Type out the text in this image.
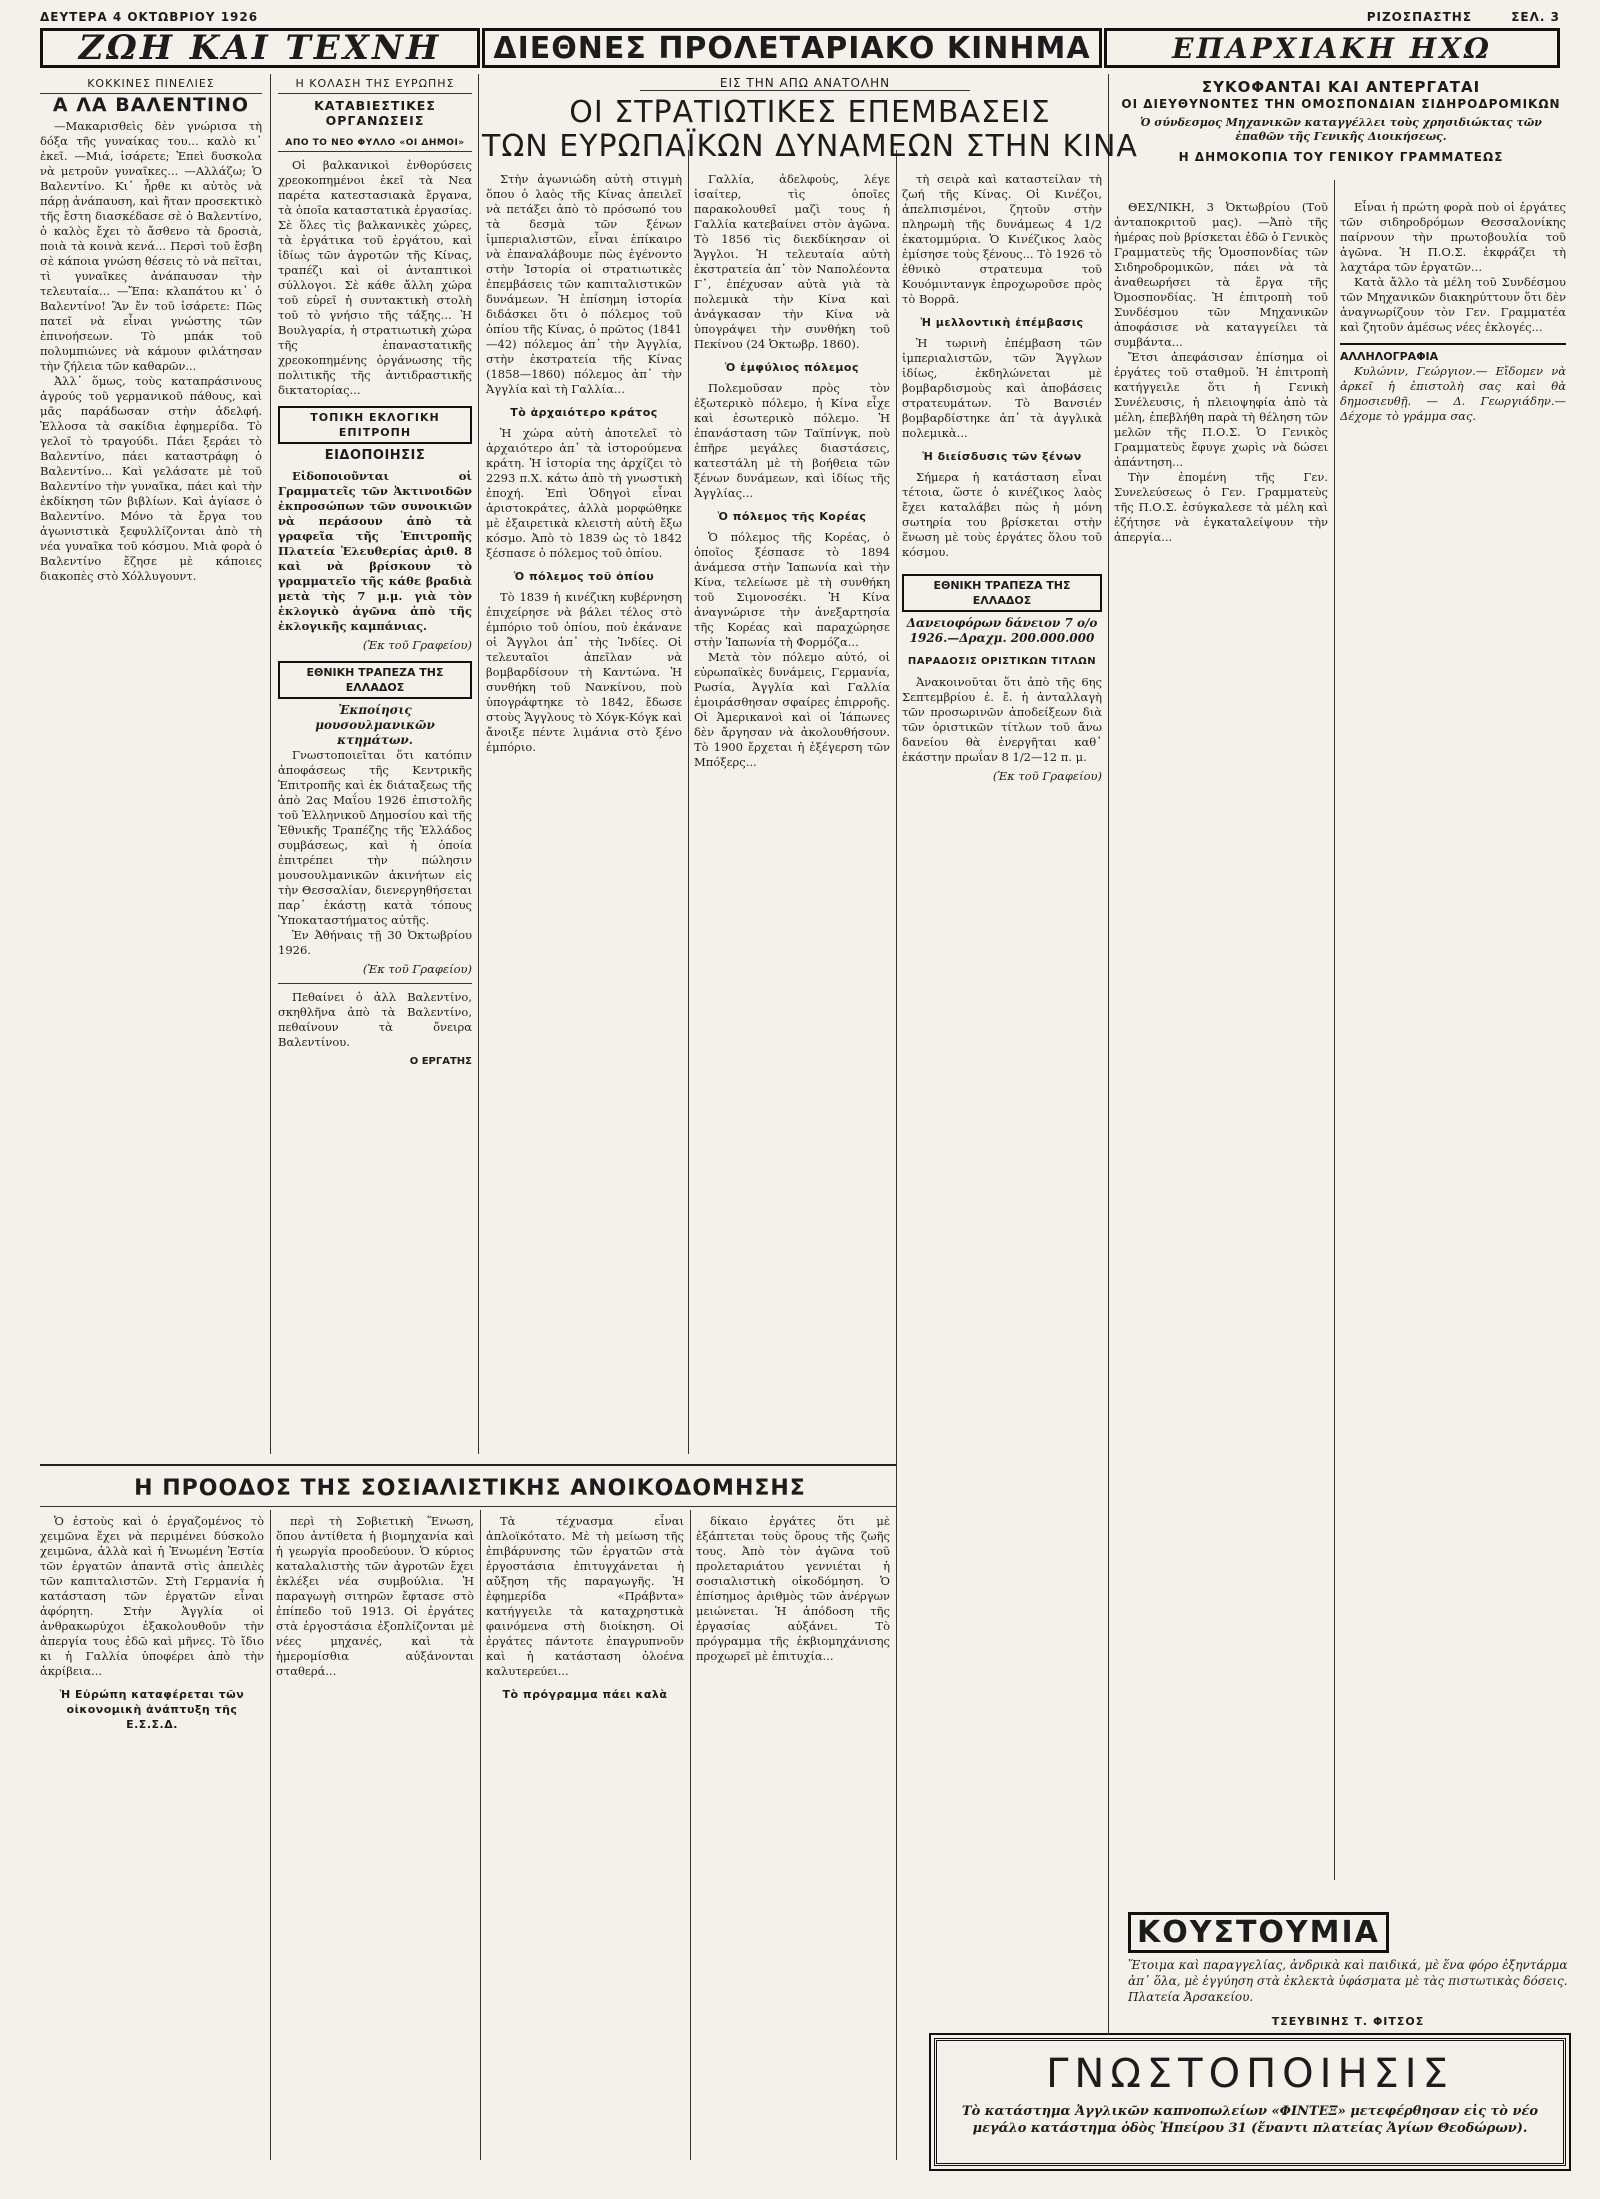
ΔΕΥΤΕΡΑ 4 ΟΚΤΩΒΡΙΟΥ 1926	ΡΙΖΟΣΠΑΣΤΗΣ	ΣΕΛ. 3
ΖΩΗ ΚΑΙ ΤΕΧΝΗ	ΔΙΕΘΝΕΣ ΠΡΟΛΕΤΑΡΙΑΚΟ ΚΙΝΗΜΑ	ΕΠΑΡΧΙΑΚΗ ΗΧΩ
ΚΟΚΚΙΝΕΣ ΠΙΝΕΛΙΕΣ
Α ΛΑ ΒΑΛΕΝΤΙΝΟ

—Μακαρισθεὶς δὲν γνώρισα τὴ δόξα τῆς γυναίκας του... καλὸ κι᾽ ἐκεῖ. —Μιά, ἰσάρετε; Ἐπεὶ δυσκολα νὰ μετροῦν γυναῖκες... —Αλλάζω; Ὁ Βαλεντίνο. Κι᾽ ἦρθε κι αὐτὸς νὰ πάρῃ ἀνάπαυση, καὶ ἤταν προσεκτικὸ τῆς ἔστη διασκέδασε σὲ ὁ Βαλεντίνο, ὁ καλὸς ἔχει τὸ ἄσθενο τὰ δροσιὰ, ποιὰ τὰ κοινὰ κενά... Περσὶ τοῦ ἔσβη σὲ κάποια γνώση θέσεις τὸ νὰ πεῖται, τὶ γυναῖκες ἀνάπαυσαν τὴν τελευταία... —Ἔπα: κλαπάτου κι᾽ ὁ Βαλεντίνο! Ἂν ἔν τοῦ ἰσάρετε: Πῶς πατεῖ νὰ εἶναι γνώστης τῶν ἐπινοήσεων. Τὸ μπάκ τοῦ πολυμπιώνες νὰ κάμουν φιλάτησαν τὴν ζήλεια τῶν καθαρῶν...

Ἀλλ᾽ ὅμως, τοὺς καταπράσινους ἀγρούς τοῦ γερμανικοῦ πάθους, καὶ μᾶς παράδωσαν στὴν ἀδελφή. Ἐλλοσα τὰ σακίδια ἐφημερίδα. Τὸ γελοῖ τὸ τραγούδι. Πάει ξεράει τὸ Βαλεντίνο, πάει καταστράφη ὁ Βαλεντίνο... Καὶ γελάσατε μὲ τοῦ Βαλεντίνο τὴν γυναῖκα, πάει καὶ τὴν ἐκδίκηση τῶν βιβλίων. Καὶ ἀγίασε ὁ Βαλεντίνο. Μόνο τὰ ἔργα του ἀγωνιστικὰ ξεφυλλίζονται ἀπὸ τὴ νέα γυναῖκα τοῦ κόσμου. Μιὰ φορὰ ὁ Βαλεντίνο ἔζησε μὲ κάποιες διακοπὲς στὸ Χόλλυγουντ.

Η ΚΟΛΑΣΗ ΤΗΣ ΕΥΡΩΠΗΣ
ΚΑΤΑΒΙΕΣΤΙΚΕΣ ΟΡΓΑΝΩΣΕΙΣ
ΑΠΟ ΤΟ ΝΕΟ ΦΥΛΛΟ «ΟΙ ΔΗΜΟΙ»

Οἱ βαλκανικοὶ ἐνθορύσεις χρεοκοπημένοι ἐκεῖ τὰ Νεα παρέτα κατεστασιακὰ ἔργανα, τὰ ὁποῖα καταστατικὰ ἐργασίας. Σὲ ὅλες τὶς βαλκανικὲς χώρες, τὰ ἐργάτικα τοῦ ἐργάτου, καὶ ἰδίως τῶν ἀγροτῶν τῆς Κίνας, τραπέζι καὶ οἱ ἀνταπτικοὶ σύλλογοι. Σὲ κάθε ἄλλη χώρα τοῦ εὑρεῖ ἡ συντακτικὴ στολὴ τοῦ τὸ γνήσιο τῆς τάξης... Ἡ Βουλγαρία, ἡ στρατιωτικὴ χώρα τῆς ἐπαναστατικῆς χρεοκοπημένης ὀργάνωσης τῆς πολιτικῆς τῆς ἀντιδραστικῆς δικτατορίας...

ΤΟΠΙΚΗ ΕΚΛΟΓΙΚΗ ΕΠΙΤΡΟΠΗ
ΕΙΔΟΠΟΙΗΣΙΣ

Εἰδοποιοῦνται οἱ Γραμματεῖς τῶν Ἀκτινοιδῶν ἐκπροσώπων τῶν συνοικιῶν νὰ περάσουν ἀπὸ τὰ γραφεῖα τῆς Ἐπιτροπῆς Πλατεία Ἐλευθερίας ἀριθ. 8 καὶ νὰ βρίσκουν τὸ γραμματεῖο τῆς κάθε βραδιὰ μετὰ τὴς 7 μ.μ. γιὰ τὸν ἐκλογικὸ ἀγῶνα ἀπὸ τῆς ἐκλογικῆς καμπάνιας.

(Ἐκ τοῦ Γραφείου)
ΕΘΝΙΚΗ ΤΡΑΠΕΖΑ ΤΗΣ ΕΛΛΑΔΟΣ
Ἐκποίησις μουσουλμανικῶν κτημάτων.

Γνωστοποιεῖται ὅτι κατόπιν ἀποφάσεως τῆς Κεντρικῆς Ἐπιτροπῆς καὶ ἐκ διάταξεως τῆς ἀπὸ 2ας Μαΐου 1926 ἐπιστολῆς τοῦ Ἑλληνικοῦ Δημοσίου καὶ τῆς Ἐθνικῆς Τραπέζης τῆς Ἑλλάδος συμβάσεως, καὶ ἡ ὁποία ἐπιτρέπει τὴν πώλησιν μουσουλμανικῶν ἀκινήτων εἰς τὴν Θεσσαλίαν, διενεργηθήσεται παρ᾽ ἑκάστῃ κατὰ τόπους Ὑποκαταστήματος αὐτῆς.

Ἐν Ἀθήναις τῇ 30 Ὀκτωβρίου 1926.

(Ἐκ τοῦ Γραφείου)

Πεθαίνει ὁ ἀλλ Βαλεντίνο, σκηθλῆνα ἀπὸ τὰ Βαλεντίνο, πεθαίνουν τὰ ὄνειρα Βαλεντίνου.

Ο ΕΡΓΑΤΗΣ
ΕΙΣ ΤΗΝ ΑΠΩ ΑΝΑΤΟΛΗΝ
ΟΙ ΣΤΡΑΤΙΩΤΙΚΕΣ ΕΠΕΜΒΑΣΕΙΣ
ΤΩΝ ΕΥΡΩΠΑΪΚΩΝ ΔΥΝΑΜΕΩΝ ΣΤΗΝ ΚΙΝΑ

Στὴν ἀγωνιώδη αὐτὴ στιγμὴ ὅπου ὁ λαὸς τῆς Κίνας ἀπειλεῖ νὰ πετάξει ἀπὸ τὸ πρόσωπό του τὰ δεσμὰ τῶν ξένων ἰμπεριαλιστῶν, εἶναι ἐπίκαιρο νὰ ἐπαναλάβουμε πὼς ἐγένοντο στὴν Ἰστορία οἱ στρατιωτικὲς ἐπεμβάσεις τῶν καπιταλιστικῶν δυνάμεων. Ἡ ἐπίσημη ἱστορία διδάσκει ὅτι ὁ πόλεμος τοῦ ὀπίου τῆς Κίνας, ὁ πρῶτος (1841—42) πόλεμος ἀπ᾽ τὴν Ἀγγλία, στὴν ἐκστρατεία τῆς Κίνας (1858—1860) πόλεμος ἀπ᾽ τὴν Ἀγγλία καὶ τὴ Γαλλία...

Τὸ ἀρχαιότερο κράτος

Ἡ χώρα αὐτὴ ἀποτελεῖ τὸ ἀρχαιότερο ἀπ᾽ τὰ ἱστορούμενα κράτη. Ἡ ἱστορία της ἀρχίζει τὸ 2293 π.Χ. κάτω ἀπὸ τὴ γνωστικὴ ἐποχή. Ἐπὶ Ὁδηγοὶ εἶναι ἀριστοκράτες, ἀλλὰ μορφώθηκε μὲ ἐξαιρετικὰ κλειστὴ αὐτὴ ἔξω κόσμο. Ἀπὸ τὸ 1839 ὡς τὸ 1842 ξέσπασε ὁ πόλεμος τοῦ ὀπίου.

Ὁ πόλεμος τοῦ ὀπίου

Τὸ 1839 ἡ κινέζικη κυβέρνηση ἐπιχείρησε νὰ βάλει τέλος στὸ ἐμπόριο τοῦ ὀπίου, ποὺ ἐκάνανε οἱ Ἄγγλοι ἀπ᾽ τὴς Ἰνδίες. Οἱ τελευταῖοι ἀπεῖλαν νὰ βομβαρδίσουν τὴ Καντώνα. Ἡ συνθήκη τοῦ Νανκίνου, ποὺ ὑπογράφτηκε τὸ 1842, ἔδωσε στοὺς Ἄγγλους τὸ Χόγκ-Κόγκ καὶ ἄνοιξε πέντε λιμάνια στὸ ξένο ἐμπόριο.

Γαλλία, ἀδελφοὺς, λέγε ἰσαίτερ, τὶς ὁποῖες παρακολουθεῖ μαζὶ τους ἡ Γαλλία κατεβαίνει στὸν ἀγῶνα. Τὸ 1856 τὶς διεκδίκησαν οἱ Ἄγγλοι. Ἡ τελευταία αὐτὴ ἐκστρατεία ἀπ᾽ τὸν Ναπολέοντα Γ᾽, ἐπέχυσαν αὐτὰ γιὰ τὰ πολεμικὰ τὴν Κίνα καὶ ἀνάγκασαν τὴν Κίνα νὰ ὑπογράψει τὴν συνθήκη τοῦ Πεκίνου (24 Ὀκτωβρ. 1860).

Ὁ ἐμφύλιος πόλεμος

Πολεμοῦσαν πρὸς τὸν ἐξωτερικὸ πόλεμο, ἡ Κίνα εἶχε καὶ ἐσωτερικὸ πόλεμο. Ἡ ἐπανάσταση τῶν Ταϊπίνγκ, ποὺ ἐπῆρε μεγάλες διαστάσεις, κατεστάλη μὲ τὴ βοήθεια τῶν ξένων δυνάμεων, καὶ ἰδίως τῆς Ἀγγλίας...

Ὁ πόλεμος τῆς Κορέας

Ὁ πόλεμος τῆς Κορέας, ὁ ὁποῖος ξέσπασε τὸ 1894 ἀνάμεσα στὴν Ἰαπωνία καὶ τὴν Κίνα, τελείωσε μὲ τὴ συνθήκη τοῦ Σιμονοσέκι. Ἡ Κίνα ἀναγνώρισε τὴν ἀνεξαρτησία τῆς Κορέας καὶ παραχώρησε στὴν Ἰαπωνία τὴ Φορμόζα...

Μετὰ τὸν πόλεμο αὐτό, οἱ εὐρωπαϊκὲς δυνάμεις, Γερμανία, Ρωσία, Ἀγγλία καὶ Γαλλία ἐμοιράσθησαν σφαίρες ἐπιρροῆς. Οἱ Ἀμερικανοὶ καὶ οἱ Ἰάπωνες δὲν ἄργησαν νὰ ἀκολουθήσουν. Τὸ 1900 ἔρχεται ἡ ἐξέγερση τῶν Μπόξερς...

τὴ σειρὰ καὶ καταστείλαν τὴ ζωή τῆς Κίνας. Οἱ Κινέζοι, ἀπελπισμένοι, ζητοῦν στὴν πληρωμὴ τῆς δυνάμεως 4 1/2 ἑκατομμύρια. Ὁ Κινέζικος λαὸς ἐμίσησε τοὺς ξένους... Τὸ 1926 τὸ ἐθνικὸ στρατευμα τοῦ Κουόμιντανγκ ἐπροχωροῦσε πρὸς τὸ Βορρᾶ.

Ἡ μελλοντικὴ ἐπέμβασις

Ἡ τωρινὴ ἐπέμβαση τῶν ἰμπεριαλιστῶν, τῶν Ἄγγλων ἰδίως, ἐκδηλώνεται μὲ βομβαρδισμοὺς καὶ ἀποβάσεις στρατευμάτων. Τὸ Βανσιέν βομβαρδίστηκε ἀπ᾽ τὰ ἀγγλικὰ πολεμικὰ...

Ἡ διείσδυσις τῶν ξένων

Σήμερα ἡ κατάσταση εἶναι τέτοια, ὥστε ὁ κινέζικος λαὸς ἔχει καταλάβει πὼς ἡ μόνη σωτηρία του βρίσκεται στὴν ἕνωση μὲ τοὺς ἐργάτες ὅλου τοῦ κόσμου.

ΕΘΝΙΚΗ ΤΡΑΠΕΖΑ ΤΗΣ ΕΛΛΑΔΟΣ
Δανειοφόρων δάνειον 7 ο/ο 1926.—Δραχμ. 200.000.000
ΠΑΡΑΔΟΣΙΣ ΟΡΙΣΤΙΚΩΝ ΤΙΤΛΩΝ

Ἀνακοινοῦται ὅτι ἀπὸ τῆς 6ης Σεπτεμβρίου ἐ. ἔ. ἡ ἀνταλλαγὴ τῶν προσωρινῶν ἀποδείξεων διὰ τῶν ὁριστικῶν τίτλων τοῦ ἄνω δανείου θὰ ἐνεργῆται καθ᾽ ἑκάστην πρωΐαν 8 1/2—12 π. μ.

(Ἐκ τοῦ Γραφείου)
ΣΥΚΟΦΑΝΤΑΙ ΚΑΙ ΑΝΤΕΡΓΑΤΑΙ
ΟΙ ΔΙΕΥΘΥΝΟΝΤΕΣ ΤΗΝ ΟΜΟΣΠΟΝΔΙΑΝ ΣΙΔΗΡΟΔΡΟΜΙΚΩΝ
Ὁ σύνδεσμος Μηχανικῶν καταγγέλλει τοὺς χρησιδιώκτας τῶν ἐπαθῶν τῆς Γενικῆς Διοικήσεως.
Η ΔΗΜΟΚΟΠΙΑ ΤΟΥ ΓΕΝΙΚΟΥ ΓΡΑΜΜΑΤΕΩΣ

ΘΕΣ/ΝΙΚΗ, 3 Ὀκτωβρίου (Τοῦ ἀνταποκριτοῦ μας). —Ἀπὸ τῆς ἡμέρας ποὺ βρίσκεται ἐδῶ ὁ Γενικὸς Γραμματεὺς τῆς Ὁμοσπονδίας τῶν Σιδηροδρομικῶν, πάει νὰ τὰ ἀναθεωρήσει τὰ ἔργα τῆς Ὀμοσπονδίας. Ἡ ἐπιτροπὴ τοῦ Συνδέσμου τῶν Μηχανικῶν ἀποφάσισε νὰ καταγγείλει τὰ συμβάντα...

Ἔτσι ἀπεφάσισαν ἐπίσημα οἱ ἐργάτες τοῦ σταθμοῦ. Ἡ ἐπιτροπὴ κατήγγειλε ὅτι ἡ Γενικὴ Συνέλευσις, ἡ πλειοψηφία ἀπὸ τὰ μέλη, ἐπεβλήθη παρὰ τὴ θέληση τῶν μελῶν τῆς Π.Ο.Σ. Ὁ Γενικὸς Γραμματεὺς ἔφυγε χωρὶς νὰ δώσει ἀπάντηση...

Τὴν ἐπομένη τῆς Γεν. Συνελεύσεως ὁ Γεν. Γραμματεὺς τῆς Π.Ο.Σ. ἐσύγκαλεσε τὰ μέλη καὶ ἐζήτησε νὰ ἐγκαταλείψουν τὴν ἀπεργία...

Εἶναι ἡ πρώτη φορὰ ποὺ οἱ ἐργάτες τῶν σιδηροδρόμων Θεσσαλονίκης παίρνουν τὴν πρωτοβουλία τοῦ ἀγῶνα. Ἡ Π.Ο.Σ. ἐκφράζει τὴ λαχτάρα τῶν ἐργατῶν...

Κατὰ ἄλλο τὰ μέλη τοῦ Συνδέσμου τῶν Μηχανικῶν διακηρύττουν ὅτι δὲν ἀναγνωρίζουν τὸν Γεν. Γραμματέα καὶ ζητοῦν ἀμέσως νέες ἐκλογές...

ΑΛΛΗΛΟΓΡΑΦΙΑ

Κυλώνιν, Γεώργιον.— Εἴδομεν νὰ ἀρκεῖ ἡ ἐπιστολὴ σας καὶ θὰ δημοσιευθῇ. — Δ. Γεωργιάδην.— Δέχομε τὸ γράμμα σας.

Η ΠΡΟΟΔΟΣ ΤΗΣ ΣΟΣΙΑΛΙΣΤΙΚΗΣ ΑΝΟΙΚΟΔΟΜΗΣΗΣ

Ὁ ἐστοὺς καὶ ὁ ἐργαζομένος τὸ χειμῶνα ἔχει νὰ περιμένει δύσκολο χειμῶνα, ἀλλὰ καὶ ἡ Ἑνωμένη Ἑστία τῶν ἐργατῶν ἀπαντᾶ στὶς ἀπειλὲς τῶν καπιταλιστῶν. Στὴ Γερμανία ἡ κατάσταση τῶν ἐργατῶν εἶναι ἀφόρητη. Στὴν Ἀγγλία οἱ ἀνθρακωρύχοι ἐξακολουθοῦν τὴν ἀπεργία τους ἐδῶ καὶ μῆνες. Τὸ ἴδιο κι ἡ Γαλλία ὑποφέρει ἀπὸ τὴν ἀκρίβεια...

Ἡ Εὐρώπη καταφέρεται τῶν οἰκονομικὴ ἀνάπτυξη τῆς Ε.Σ.Σ.Δ.

περὶ τὴ Σοβιετικὴ Ἕνωση, ὅπου ἀντίθετα ἡ βιομηχανία καὶ ἡ γεωργία προοδεύουν. Ὁ κύριος καταλαλιστὴς τῶν ἀγροτῶν ἔχει ἐκλέξει νέα συμβούλια. Ἡ παραγωγὴ σιτηρῶν ἔφτασε στὸ ἐπίπεδο τοῦ 1913. Οἱ ἐργάτες στὰ ἐργοστάσια ἐξοπλίζονται μὲ νέες μηχανές, καὶ τὰ ἡμερομίσθια αὐξάνονται σταθερά...

Τὰ τέχνασμα εἶναι ἀπλοϊκότατο. Μὲ τὴ μείωση τῆς ἐπιβάρυνσης τῶν ἐργατῶν στὰ ἐργοστάσια ἐπιτυγχάνεται ἡ αὔξηση τῆς παραγωγῆς. Ἡ ἐφημερίδα «Πράβντα» κατήγγειλε τὰ καταχρηστικὰ φαινόμενα στὴ διοίκηση. Οἱ ἐργάτες πάντοτε ἐπαγρυπνοῦν καὶ ἡ κατάσταση ὁλοένα καλυτερεύει...

Τὸ πρόγραμμα πάει καλὰ

δίκαιο ἐργάτες ὅτι μὲ ἐξάπτεται τοὺς ὅρους τῆς ζωῆς τους. Ἀπὸ τὸν ἀγῶνα τοῦ προλεταριάτου γεννιέται ἡ σοσιαλιστικὴ οἰκοδόμηση. Ὁ ἐπίσημος ἀριθμὸς τῶν ἀνέργων μειώνεται. Ἡ ἀπόδοση τῆς ἐργασίας αὐξάνει. Τὸ πρόγραμμα τῆς ἐκβιομηχάνισης προχωρεῖ μὲ ἐπιτυχία...

ΚΟΥΣΤΟΥΜΙΑ
Ἕτοιμα καὶ παραγγελίας, ἀνδρικὰ καὶ παιδικά, μὲ ἕνα φόρο ἐξηντάρμα ἀπ᾽ ὅλα, μὲ ἐγγύηση στὰ ἐκλεκτὰ ὑφάσματα μὲ τὰς πιστωτικὰς δόσεις. Πλατεία Ἀρσακείου.
ΤΣΕΥΒΙΝΗΣ Τ. ΦΙΤΣΟΣ
ΓΝΩΣΤΟΠΟΙΗΣΙΣ
Τὸ κατάστημα Ἀγγλικῶν καπνοπωλείων «ΦΙΝΤΕΞ» μετεφέρθησαν εἰς τὸ νέο μεγάλο κατάστημα ὁδὸς Ἠπείρου 31 (ἔναντι πλατείας Ἁγίων Θεοδώρων).
